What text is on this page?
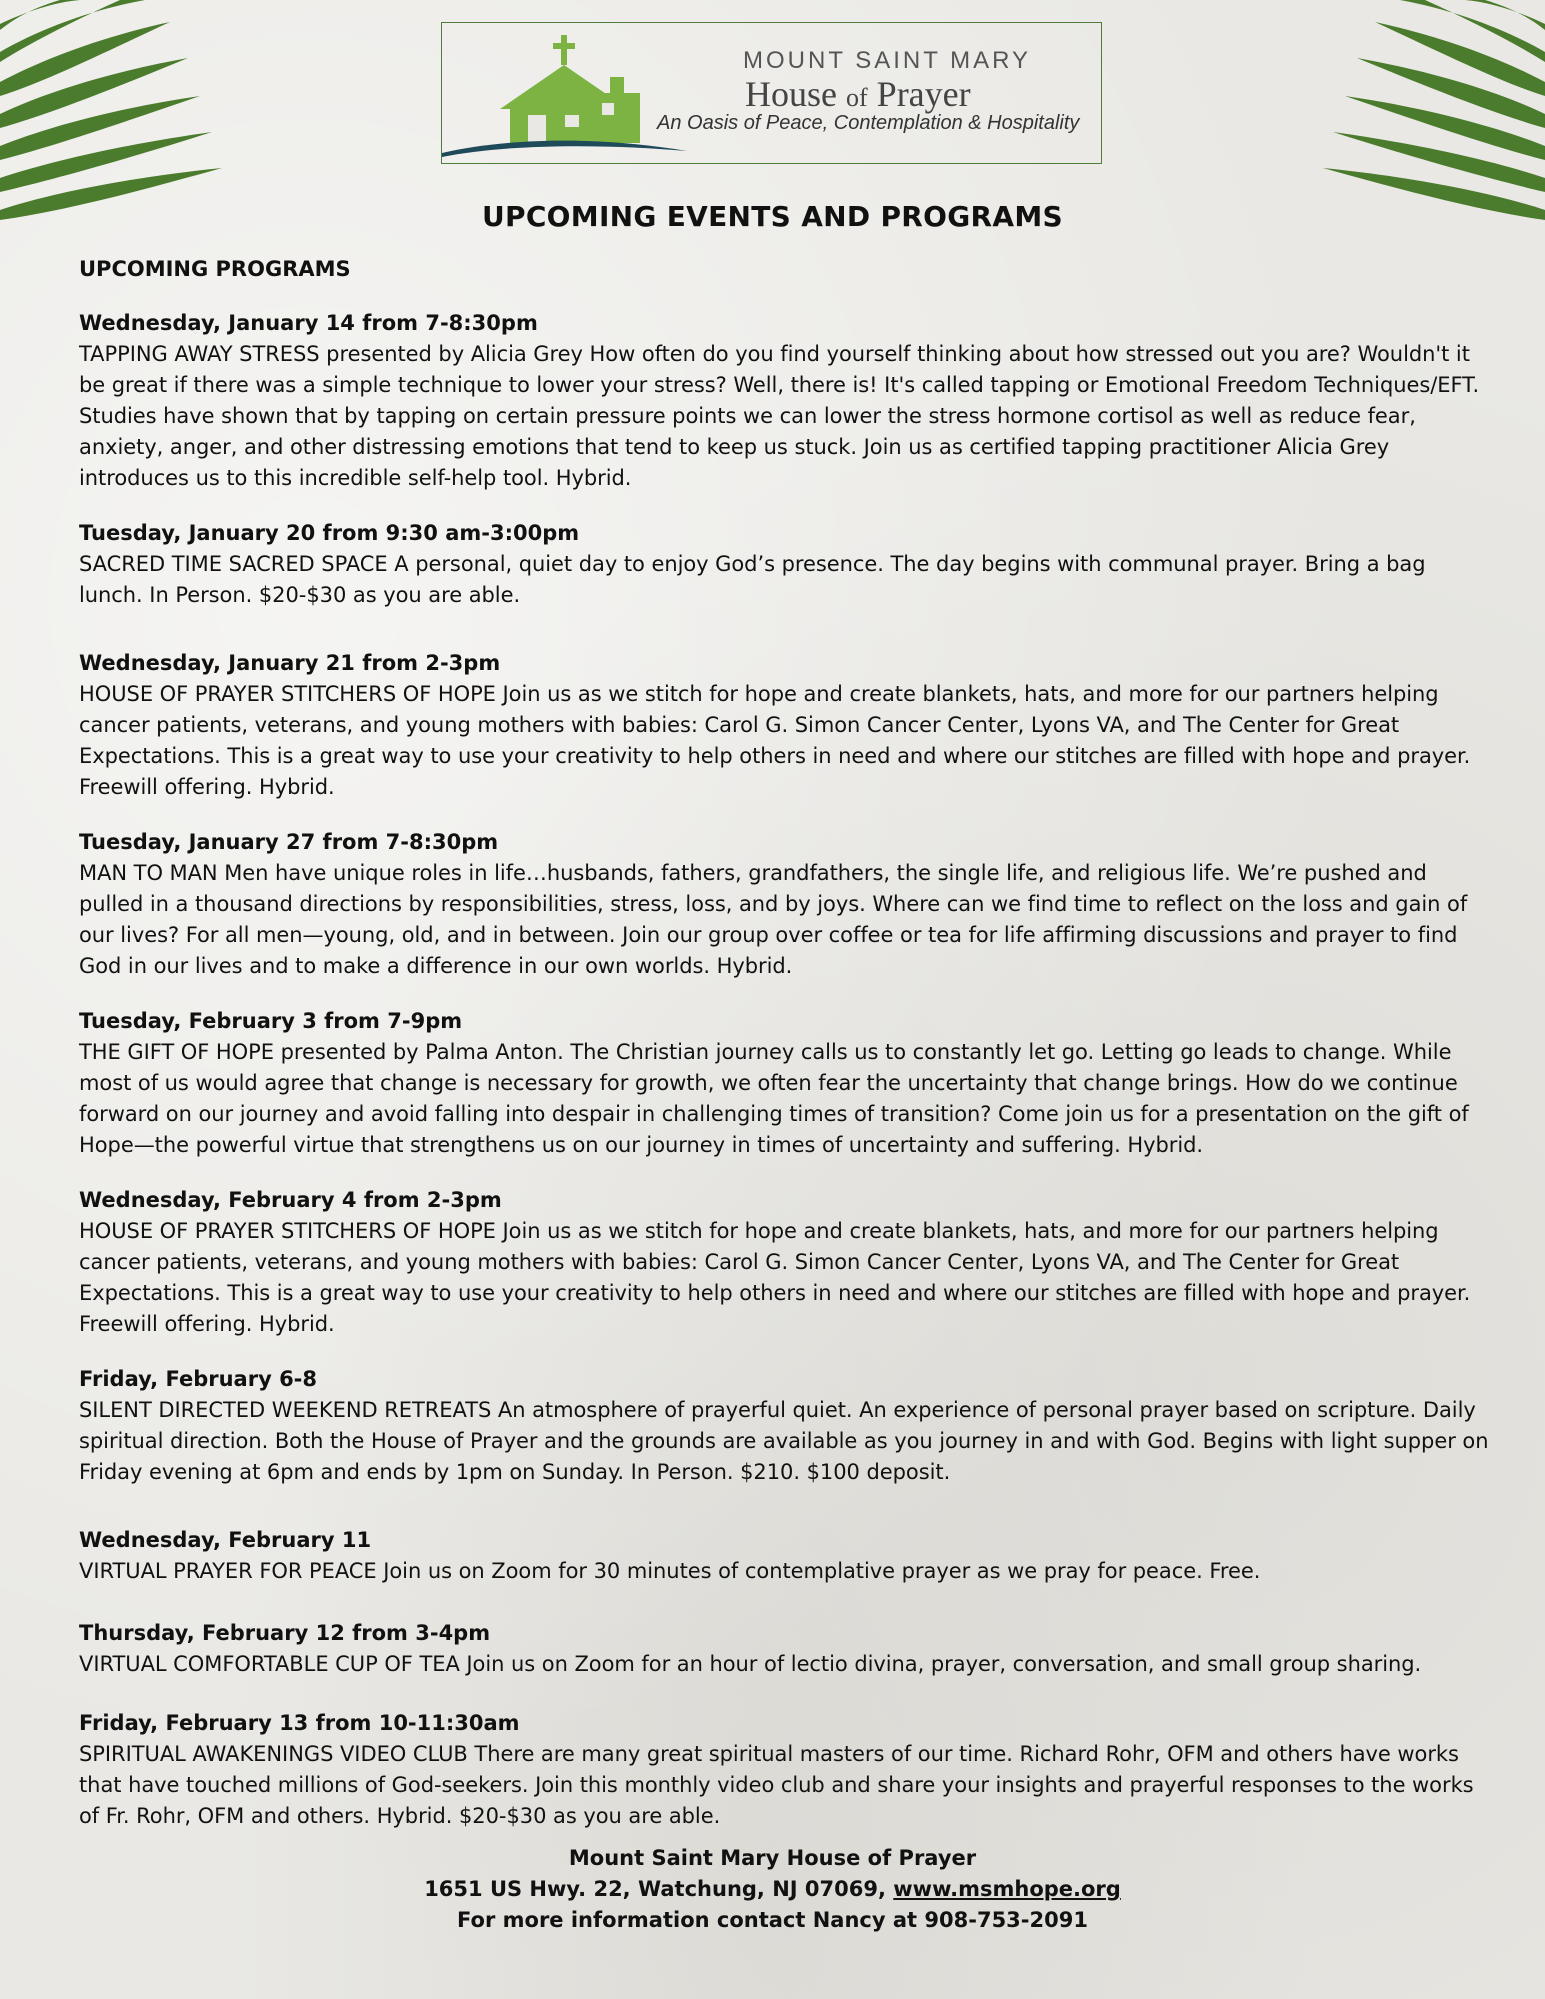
MOUNT SAINT MARY
House of Prayer
An Oasis of Peace, Contemplation & Hospitality
UPCOMING EVENTS AND PROGRAMS
UPCOMING PROGRAMS
Wednesday, January 14 from 7-8:30pm
TAPPING AWAY STRESS presented by Alicia Grey How often do you find yourself thinking about how stressed out you are? Wouldn't it be great if there was a simple technique to lower your stress? Well, there is! It's called tapping or Emotional Freedom Techniques/EFT. Studies have shown that by tapping on certain pressure points we can lower the stress hormone cortisol as well as reduce fear, anxiety, anger, and other distressing emotions that tend to keep us stuck. Join us as certified tapping practitioner Alicia Grey introduces us to this incredible self-help tool. Hybrid.
Tuesday, January 20 from 9:30 am-3:00pm
SACRED TIME SACRED SPACE A personal, quiet day to enjoy God’s presence. The day begins with communal prayer. Bring a bag lunch. In Person. $20-$30 as you are able.
Wednesday, January 21 from 2-3pm
HOUSE OF PRAYER STITCHERS OF HOPE Join us as we stitch for hope and create blankets, hats, and more for our partners helping cancer patients, veterans, and young mothers with babies: Carol G. Simon Cancer Center, Lyons VA, and The Center for Great Expectations. This is a great way to use your creativity to help others in need and where our stitches are filled with hope and prayer. Freewill offering. Hybrid.
Tuesday, January 27 from 7-8:30pm
MAN TO MAN Men have unique roles in life…husbands, fathers, grandfathers, the single life, and religious life. We’re pushed and pulled in a thousand directions by responsibilities, stress, loss, and by joys. Where can we find time to reflect on the loss and gain of our lives? For all men—young, old, and in between. Join our group over coffee or tea for life affirming discussions and prayer to find God in our lives and to make a difference in our own worlds. Hybrid.
Tuesday, February 3 from 7-9pm
THE GIFT OF HOPE presented by Palma Anton. The Christian journey calls us to constantly let go. Letting go leads to change. While most of us would agree that change is necessary for growth, we often fear the uncertainty that change brings. How do we continue forward on our journey and avoid falling into despair in challenging times of transition? Come join us for a presentation on the gift of Hope—the powerful virtue that strengthens us on our journey in times of uncertainty and suffering. Hybrid.
Wednesday, February 4 from 2-3pm
HOUSE OF PRAYER STITCHERS OF HOPE Join us as we stitch for hope and create blankets, hats, and more for our partners helping cancer patients, veterans, and young mothers with babies: Carol G. Simon Cancer Center, Lyons VA, and The Center for Great Expectations. This is a great way to use your creativity to help others in need and where our stitches are filled with hope and prayer. Freewill offering. Hybrid.
Friday, February 6-8
SILENT DIRECTED WEEKEND RETREATS An atmosphere of prayerful quiet. An experience of personal prayer based on scripture. Daily spiritual direction. Both the House of Prayer and the grounds are available as you journey in and with God. Begins with light supper on Friday evening at 6pm and ends by 1pm on Sunday. In Person. $210. $100 deposit.
Wednesday, February 11
VIRTUAL PRAYER FOR PEACE Join us on Zoom for 30 minutes of contemplative prayer as we pray for peace. Free.
Thursday, February 12 from 3-4pm
VIRTUAL COMFORTABLE CUP OF TEA Join us on Zoom for an hour of lectio divina, prayer, conversation, and small group sharing.
Friday, February 13 from 10-11:30am
SPIRITUAL AWAKENINGS VIDEO CLUB There are many great spiritual masters of our time. Richard Rohr, OFM and others have works that have touched millions of God-seekers. Join this monthly video club and share your insights and prayerful responses to the works of Fr. Rohr, OFM and others. Hybrid. $20-$30 as you are able.
Mount Saint Mary House of Prayer
1651 US Hwy. 22, Watchung, NJ 07069, www.msmhope.org
For more information contact Nancy at 908-753-2091
